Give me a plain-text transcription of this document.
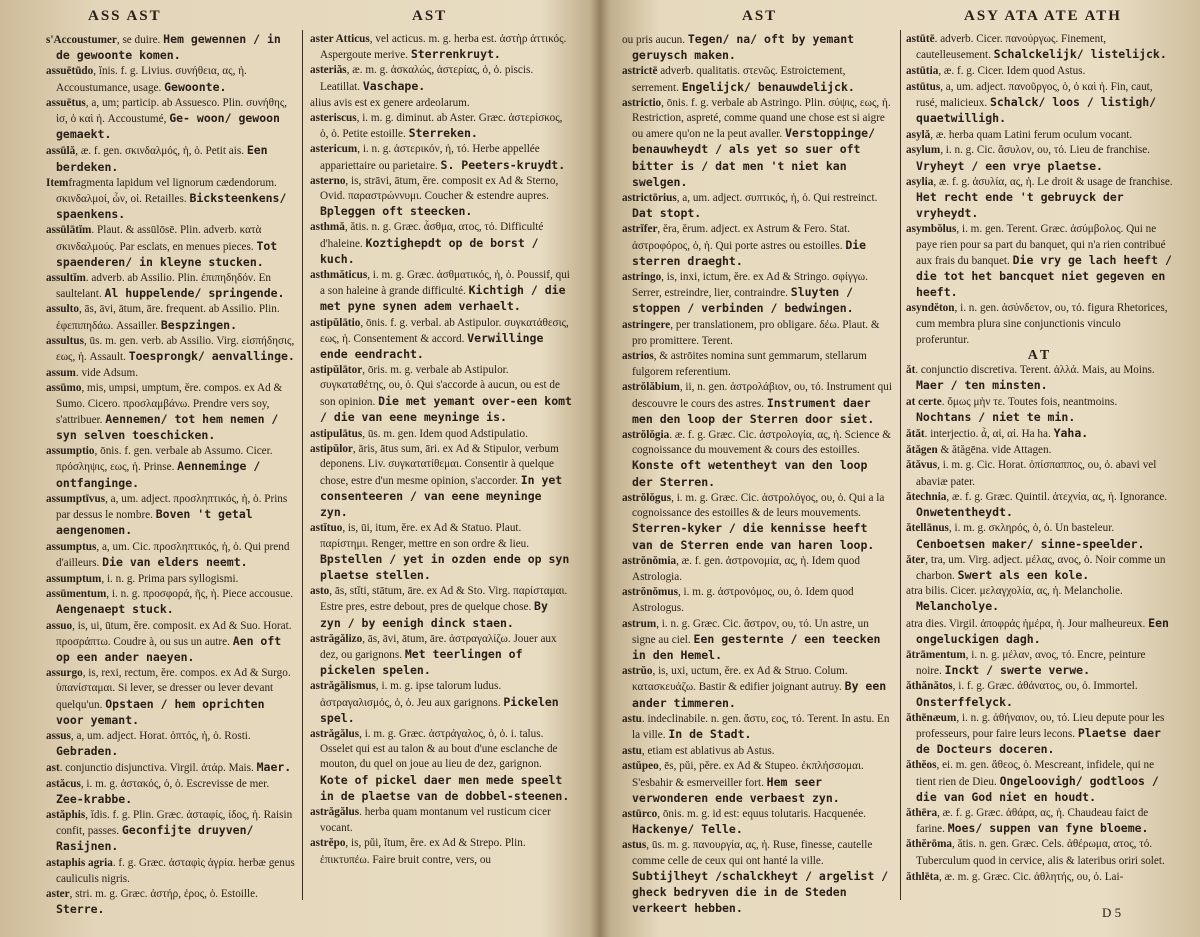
ASS AST	AST

s'Accoustumer, se duire. Hem gewennen / in de gewoonte komen.

assuētūdo, ĭnis. f. g. Livius. συνήθεια, ας, ἡ. Accoustumance, usage. Gewoonte.

assuētus, a, um; particip. ab Assuesco. Plin. συνήθης, ἰσ, ὁ καὶ ἡ. Accoustumé, Ge- woon/ gewoon gemaekt.

assūlă, æ. f. gen. σκινδαλμός, ἡ, ὁ. Petit ais. Een berdeken.

Itemfragmenta lapidum vel lignorum cædendorum. σκινδαλμοί, ὧν, οἱ. Retailles. Bicksteenkens/ spaenkens.

assūlātĭm. Plaut. & assūlōsē. Plin. adverb. κατὰ σκινδαλμούς. Par esclats, en menues pieces. Tot spaenderen/ in kleyne stucken.

assultĭm. adverb. ab Assilio. Plin. ἐπιπηδηδόν. En saultelant. Al huppelende/ springende.

assulto, ās, āvi, ātum, āre. frequent. ab Assilio. Plin. ἐφεπιπηδάω. Assailler. Bespzingen.

assultus, ūs. m. gen. verb. ab Assilio. Virg. εἰσπήδησις, εως, ἡ. Assault. Toesprongk/ aenvallinge.

assum. vide Adsum.

assūmo, mis, umpsi, umptum, ĕre. compos. ex Ad & Sumo. Cicero. προσλαμβάνω. Prendre vers soy, s'attribuer. Aennemen/ tot hem nemen / syn selven toeschicken.

assumptio, ōnis. f. gen. verbale ab Assumo. Cicer. πρόσληψις, εως, ἡ. Prinse. Aenneminge / ontfanginge.

assumptīvus, a, um. adject. προσληπτικός, ἡ, ὁ. Prins par dessus le nombre. Boven 't getal aengenomen.

assumptus, a, um. Cic. προσληπτικός, ἡ, ὁ. Qui prend d'ailleurs. Die van elders neemt.

assumptum, i. n. g. Prima pars syllogismi.

assūmentum, i. n. g. προσφορά, ῆς, ἡ. Piece accousue. Aengenaept stuck.

assuo, is, ui, ūtum, ĕre. composit. ex Ad & Suo. Horat. προσράπτω. Coudre à, ou sus un autre. Aen oft op een ander naeyen.

assurgo, is, rexi, rectum, ĕre. compos. ex Ad & Surgo. ὑπανίσταμαι. Si lever, se dresser ou lever devant quelqu'un. Opstaen / hem oprichten voor yemant.

assus, a, um. adject. Horat. ὀπτός, ἡ, ὁ. Rosti. Gebraden.

ast. conjunctio disjunctiva. Virgil. ἀτάρ. Mais. Maer.

astăcus, i. m. g. ἀστακός, ὁ, ὁ. Escrevisse de mer. Zee-krabbe.

astăphis, ĭdis. f. g. Plin. Græc. ἀσταφίς, ίδος, ἡ. Raisin confit, passes. Geconfijte druyven/ Rasijnen.

astaphis agria. f. g. Græc. ἀσταφὶς ἀγρία. herbæ genus cauliculis nigris.

aster, stri. m. g. Græc. ἀστήρ, ἐρος, ὁ. Estoille. Sterre.

aster Atticus, vel acticus. m. g. herba est. ἀστὴρ ἀττικός. Aspergoute merive. Sterrenkruyt.

asteriăs, æ. m. g. ἀσκαλώς, ἀστερίας, ὁ, ὁ. piscis. Leatillat. Vaschape.

alius avis est ex genere ardeolarum.

asteriscus, i. m. g. diminut. ab Aster. Græc. ἀστερίσκος, ὁ, ὁ. Petite estoille. Sterreken.

astericum, i. n. g. ἀστερικόν, ἡ, τό. Herbe appellée appariettaire ou parietaire. S. Peeters-kruydt.

asterno, is, strāvi, ātum, ĕre. composit ex Ad & Sterno, Ovid. παραστρώννυμι. Coucher & estendre aupres. Bpleggen oft steecken.

asthmă, ătis. n. g. Græc. ἆσθμα, ατος, τό. Difficulté d'haleine. Koztighepdt op de borst / kuch.

asthmăticus, i. m. g. Græc. ἀσθματικός, ἡ, ὁ. Poussif, qui a son haleine à grande difficulté. Kichtigh / die met pyne synen adem verhaelt.

astipŭlātio, ōnis. f. g. verbal. ab Astipulor. συγκατάθεσις, εως, ἡ. Consentement & accord. Verwillinge ende eendracht.

astipŭlātor, ōris. m. g. verbale ab Astipulor. συγκαταθέτης, ου, ὁ. Qui s'accorde à aucun, ou est de son opinion. Die met yemant over-een komt / die van eene meyninge is.

astipulātus, ūs. m. gen. Idem quod Adstipulatio.

astipŭlor, āris, ātus sum, āri. ex Ad & Stipulor, verbum deponens. Liv. συγκατατίθεμαι. Consentir à quelque chose, estre d'un mesme opinion, s'accorder. In yet consenteeren / van eene meyninge zyn.

astĭtuo, is, ūi, itum, ĕre. ex Ad & Statuo. Plaut. παρίστημι. Renger, mettre en son ordre & lieu. Bpstellen / yet in ozden ende op syn plaetse stellen.

asto, ās, stĭti, stātum, āre. ex Ad & Sto. Virg. παρίσταμαι. Estre pres, estre debout, pres de quelque chose. By zyn / by eenigh dinck staen.

astrăgălizo, ās, āvi, ātum, āre. ἀστραγαλίζω. Jouer aux dez, ou garignons. Met teerlingen of pickelen spelen.

astrăgălismus, i. m. g. ipse talorum ludus. ἀστραγαλισμός, ὁ, ὁ. Jeu aux garignons. Pickelen spel.

astrăgălus, i. m. g. Græc. ἀστράγαλος, ὁ, ὁ. i. talus. Osselet qui est au talon & au bout d'une esclanche de mouton, du quel on joue au lieu de dez, garignon. Kote of pickel daer men mede speelt in de plaetse van de dobbel-steenen.

astrăgălus. herba quam montanum vel rusticum cicer vocant.

astrĕpo, is, pŭi, ĭtum, ĕre. ex Ad & Strepo. Plin. ἐπικτυπέω. Faire bruit contre, vers, ou

AST	ASY ATA ATE ATH

ou pris aucun. Tegen/ na/ oft by yemant geruysch maken.

astrictē adverb. qualitatis. στενῶς. Estroictement, serrement. Engelijck/ benauwdelijck.

astrictio, ōnis. f. g. verbale ab Astringo. Plin. σύψις, εως, ἡ. Restriction, aspreté, comme quand une chose est si aigre ou amere qu'on ne la peut avaller. Verstoppinge/ benauwheydt / als yet so suer oft bitter is / dat men 't niet kan swelgen.

astrictōrius, a, um. adject. συπτικός, ἡ, ὁ. Qui restreinct. Dat stopt.

astrĭfer, ĕra, ĕrum. adject. ex Astrum & Fero. Stat. ἀστροφόρος, ὁ, ἡ. Qui porte astres ou estoilles. Die sterren draeght.

astringo, is, inxi, ictum, ĕre. ex Ad & Stringo. σφίγγω. Serrer, estreindre, lier, contraindre. Sluyten / stoppen / verbinden / bedwingen.

astringere, per translationem, pro obligare. δέω. Plaut. & pro promittere. Terent.

astrios, & astrōites nomina sunt gemmarum, stellarum fulgorem referentium.

astrŏlăbium, ii, n. gen. ἀστρολάβιον, ου, τό. Instrument qui descouvre le cours des astres. Instrument daer men den loop der Sterren door siet.

astrŏlŏgia. æ. f. g. Græc. Cic. ἀστρολογία, ας, ἡ. Science & cognoissance du mouvement & cours des estoilles. Konste oft wetentheyt van den loop der Sterren.

astrŏlŏgus, i. m. g. Græc. Cic. ἀστρολόγος, ου, ὁ. Qui a la cognoissance des estoilles & de leurs mouvements. Sterren-kyker / die kennisse heeft van de Sterren ende van haren loop.

astrŏnŏmia, æ. f. gen. ἀστρονομία, ας, ἡ. Idem quod Astrologia.

astrŏnŏmus, i. m. g. ἀστρονόμος, ου, ὁ. Idem quod Astrologus.

astrum, i. n. g. Græc. Cic. ἄστρον, ου, τό. Un astre, un signe au ciel. Een gesternte / een teecken in den Hemel.

astrŭo, is, uxi, uctum, ĕre. ex Ad & Struo. Colum. κατασκευάζω. Bastir & edifier joignant autruy. By een ander timmeren.

astu. indeclinabile. n. gen. ἄστυ, εος, τό. Terent. In astu. En la ville. In de Stadt.

astu, etiam est ablativus ab Astus.

astŭpeo, ēs, pŭi, pĕre. ex Ad & Stupeo. ἐκπλήσσομαι. S'esbahir & esmerveiller fort. Hem seer verwonderen ende verbaest zyn.

astūrco, ōnis. m. g. id est: equus tolutaris. Hacquenée. Hackenye/ Telle.

astus, ūs. m. g. πανουργία, ας, ἡ. Ruse, finesse, cautelle comme celle de ceux qui ont hanté la ville. Subtijlheyt /schalckheyt / argelist / gheck bedryven die in de Steden verkeert hebben.

astūtē. adverb. Cicer. πανούργως. Finement, cautelleusement. Schalckelijk/ listelijck.

astūtia, æ. f. g. Cicer. Idem quod Astus.

astūtus, a, um. adject. πανοῦργος, ὁ, ὁ καὶ ἡ. Fin, caut, rusé, malicieux. Schalck/ loos / listigh/ quaetwilligh.

asylă, æ. herba quam Latini ferum oculum vocant.

asylum, i. n. g. Cic. ἄσυλον, ου, τό. Lieu de franchise. Vryheyt / een vrye plaetse.

asylia, æ. f. g. ἀσυλία, ας, ἡ. Le droit & usage de franchise. Het recht ende 't gebruyck der vryheydt.

asymbŏlus, i. m. gen. Terent. Græc. ἀσύμβολος. Qui ne paye rien pour sa part du banquet, qui n'a rien contribué aux frais du banquet. Die vry ge lach heeft / die tot het bancquet niet gegeven en heeft.

asyndĕton, i. n. gen. ἀσύνδετον, ου, τό. figura Rhetorices, cum membra plura sine conjunctionis vinculo proferuntur.

AT

ăt. conjunctio discretiva. Terent. ἀλλά. Mais, au Moins. Maer / ten minsten.

at certe. ὅμως μὴν τε. Toutes fois, neantmoins. Nochtans / niet te min.

ătăt. interjectio. ἆ, αἰ, αἰ. Ha ha. Yaha.

ătăgen & ătăgēna. vide Attagen.

ătăvus, i. m. g. Cic. Horat. ὀπίσπαππος, ου, ὁ. abavi vel abaviæ pater.

ătechnia, æ. f. g. Græc. Quintil. ἀτεχνία, ας, ἡ. Ignorance. Onwetentheydt.

ătellānus, i. m. g. σκληρός, ὁ, ὁ. Un basteleur. Cenboetsen maker/ sinne-speelder.

ăter, tra, um. Virg. adject. μέλας, ανος, ὁ. Noir comme un charbon. Swert als een kole.

atra bilis. Cicer. μελαγχολία, ας, ἡ. Melancholie. Melancholye.

atra dies. Virgil. ἀποφράς ἡμέρα, ἡ. Jour malheureux. Een ongeluckigen dagh.

ātrāmentum, i. n. g. μέλαν, ανος, τό. Encre, peinture noire. Inckt / swerte verwe.

ăthănătos, i. f. g. Græc. ἀθάνατος, ου, ὁ. Immortel. Onsterffelyck.

ăthēnæum, i. n. g. ἀθήναιον, ου, τό. Lieu depute pour les professeurs, pour faire leurs lecons. Plaetse daer de Docteurs doceren.

ăthĕos, ei. m. gen. ἄθεος, ὁ. Mescreant, infidele, qui ne tient rien de Dieu. Ongeloovigh/ godtloos / die van God niet en houdt.

ăthēra, æ. f. g. Græc. ἀθάρα, ας, ἡ. Chaudeau faict de farine. Moes/ suppen van fyne bloeme.

ăthĕrōma, ătis. n. gen. Græc. Cels. ἀθέρωμα, ατος, τό. Tuberculum quod in cervice, alis & lateribus oriri solet.

ăthlēta, æ. m. g. Græc. Cic. ἀθλητής, ου, ὁ. Lai-

D 5
